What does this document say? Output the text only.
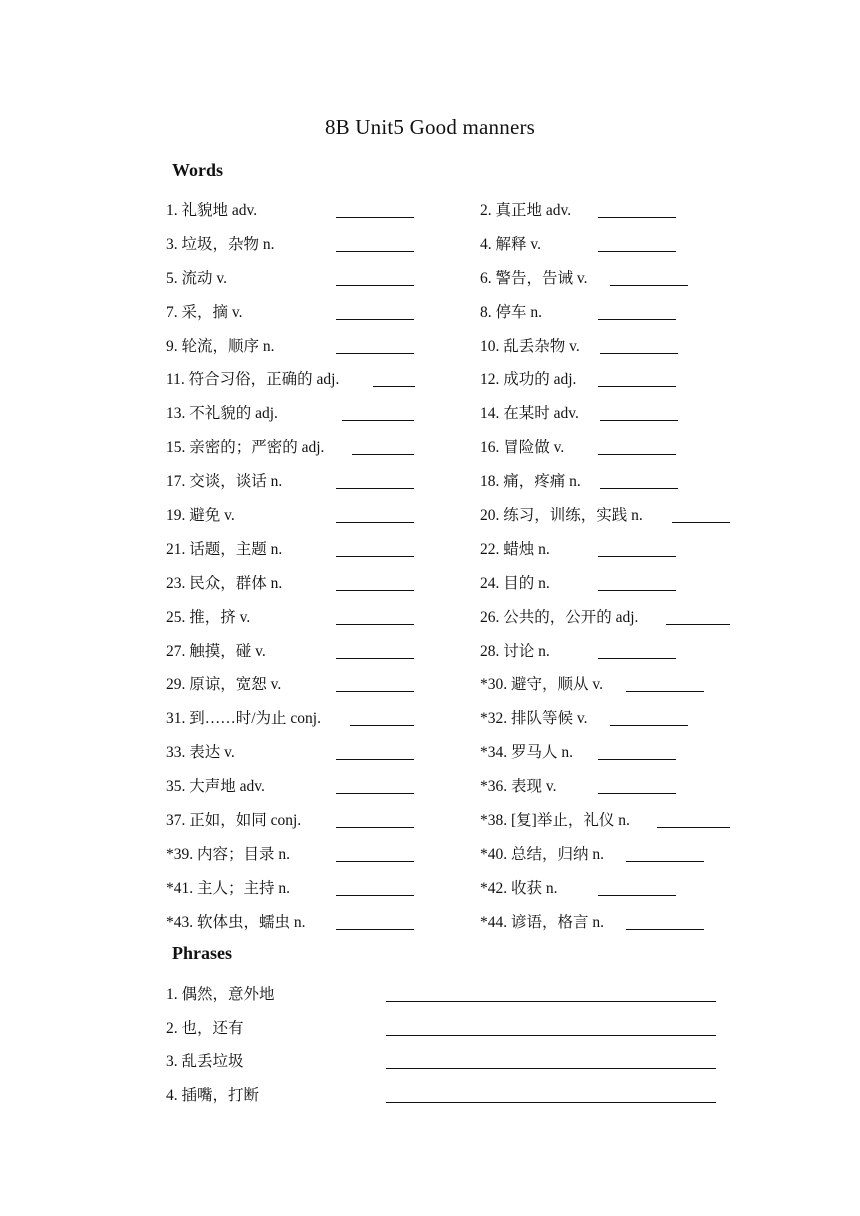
8B Unit5 Good manners
Words
1. 礼貌地 adv.	2. 真正地 adv.
3. 垃圾，杂物 n.	4. 解释 v.
5. 流动 v.	6. 警告，告诫 v.
7. 采，摘 v.	8. 停车 n.
9. 轮流，顺序 n.	10. 乱丢杂物 v.
11. 符合习俗，正确的 adj.	12. 成功的 adj.
13. 不礼貌的 adj.	14. 在某时 adv.
15. 亲密的；严密的 adj.	16. 冒险做 v.
17. 交谈，谈话 n.	18. 痛，疼痛 n.
19. 避免 v.	20. 练习，训练，实践 n.
21. 话题，主题 n.	22. 蜡烛 n.
23. 民众，群体 n.	24. 目的 n.
25. 推，挤 v.	26. 公共的，公开的 adj.
27. 触摸，碰 v.	28. 讨论 n.
29. 原谅，宽恕 v.	*30. 避守，顺从 v.
31. 到……时/为止 conj.	*32. 排队等候 v.
33. 表达 v.	*34. 罗马人 n.
35. 大声地 adv.	*36. 表现 v.
37. 正如，如同 conj.	*38. [复]举止，礼仪 n.
*39. 内容；目录 n.	*40. 总结，归纳 n.
*41. 主人；主持 n.	*42. 收获 n.
*43. 软体虫，蠕虫 n.	*44. 谚语，格言 n.
Phrases
1. 偶然，意外地
2. 也，还有
3. 乱丢垃圾
4. 插嘴，打断
